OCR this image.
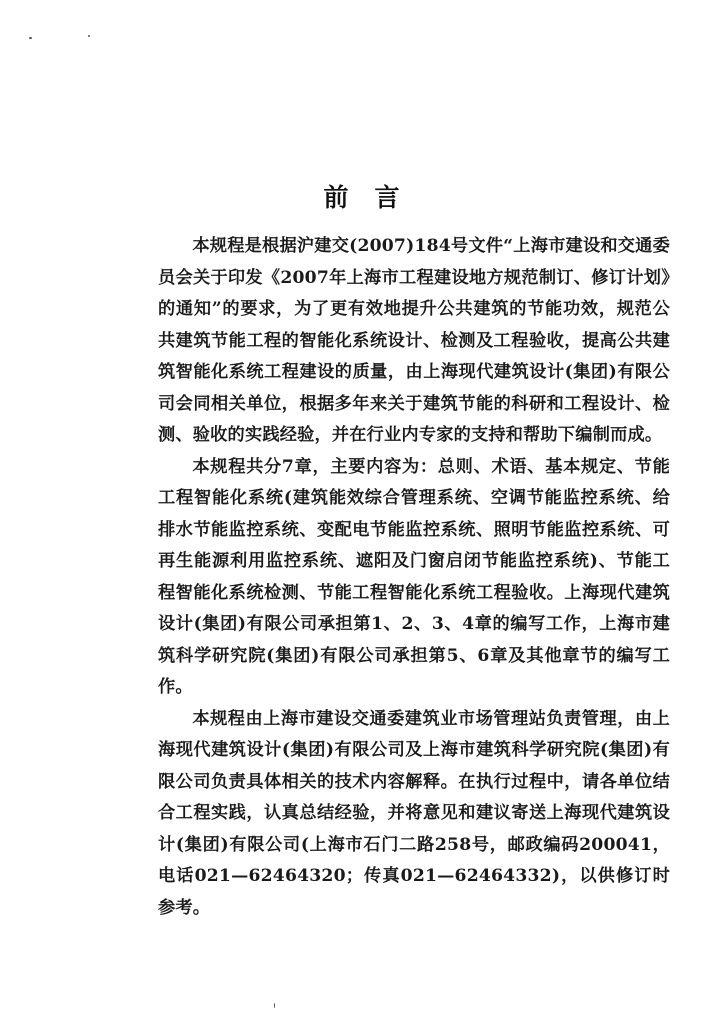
前言

本规程是根据沪建交(2007)184号文件“上海市建设和交通委员会关于印发《2007年上海市工程建设地方规范制订、修订计划》的通知”的要求，为了更有效地提升公共建筑的节能功效，规范公共建筑节能工程的智能化系统设计、检测及工程验收，提高公共建筑智能化系统工程建设的质量，由上海现代建筑设计(集团)有限公司会同相关单位，根据多年来关于建筑节能的科研和工程设计、检测、验收的实践经验，并在行业内专家的支持和帮助下编制而成。

本规程共分7章，主要内容为：总则、术语、基本规定、节能工程智能化系统(建筑能效综合管理系统、空调节能监控系统、给排水节能监控系统、变配电节能监控系统、照明节能监控系统、可再生能源利用监控系统、遮阳及门窗启闭节能监控系统)、节能工程智能化系统检测、节能工程智能化系统工程验收。上海现代建筑设计(集团)有限公司承担第1、2、3、4章的编写工作，上海市建筑科学研究院(集团)有限公司承担第5、6章及其他章节的编写工作。

本规程由上海市建设交通委建筑业市场管理站负责管理，由上海现代建筑设计(集团)有限公司及上海市建筑科学研究院(集团)有限公司负责具体相关的技术内容解释。在执行过程中，请各单位结合工程实践，认真总结经验，并将意见和建议寄送上海现代建筑设计(集团)有限公司(上海市石门二路258号，邮政编码200041，电话021—62464320；传真021—62464332)，以供修订时参考。
